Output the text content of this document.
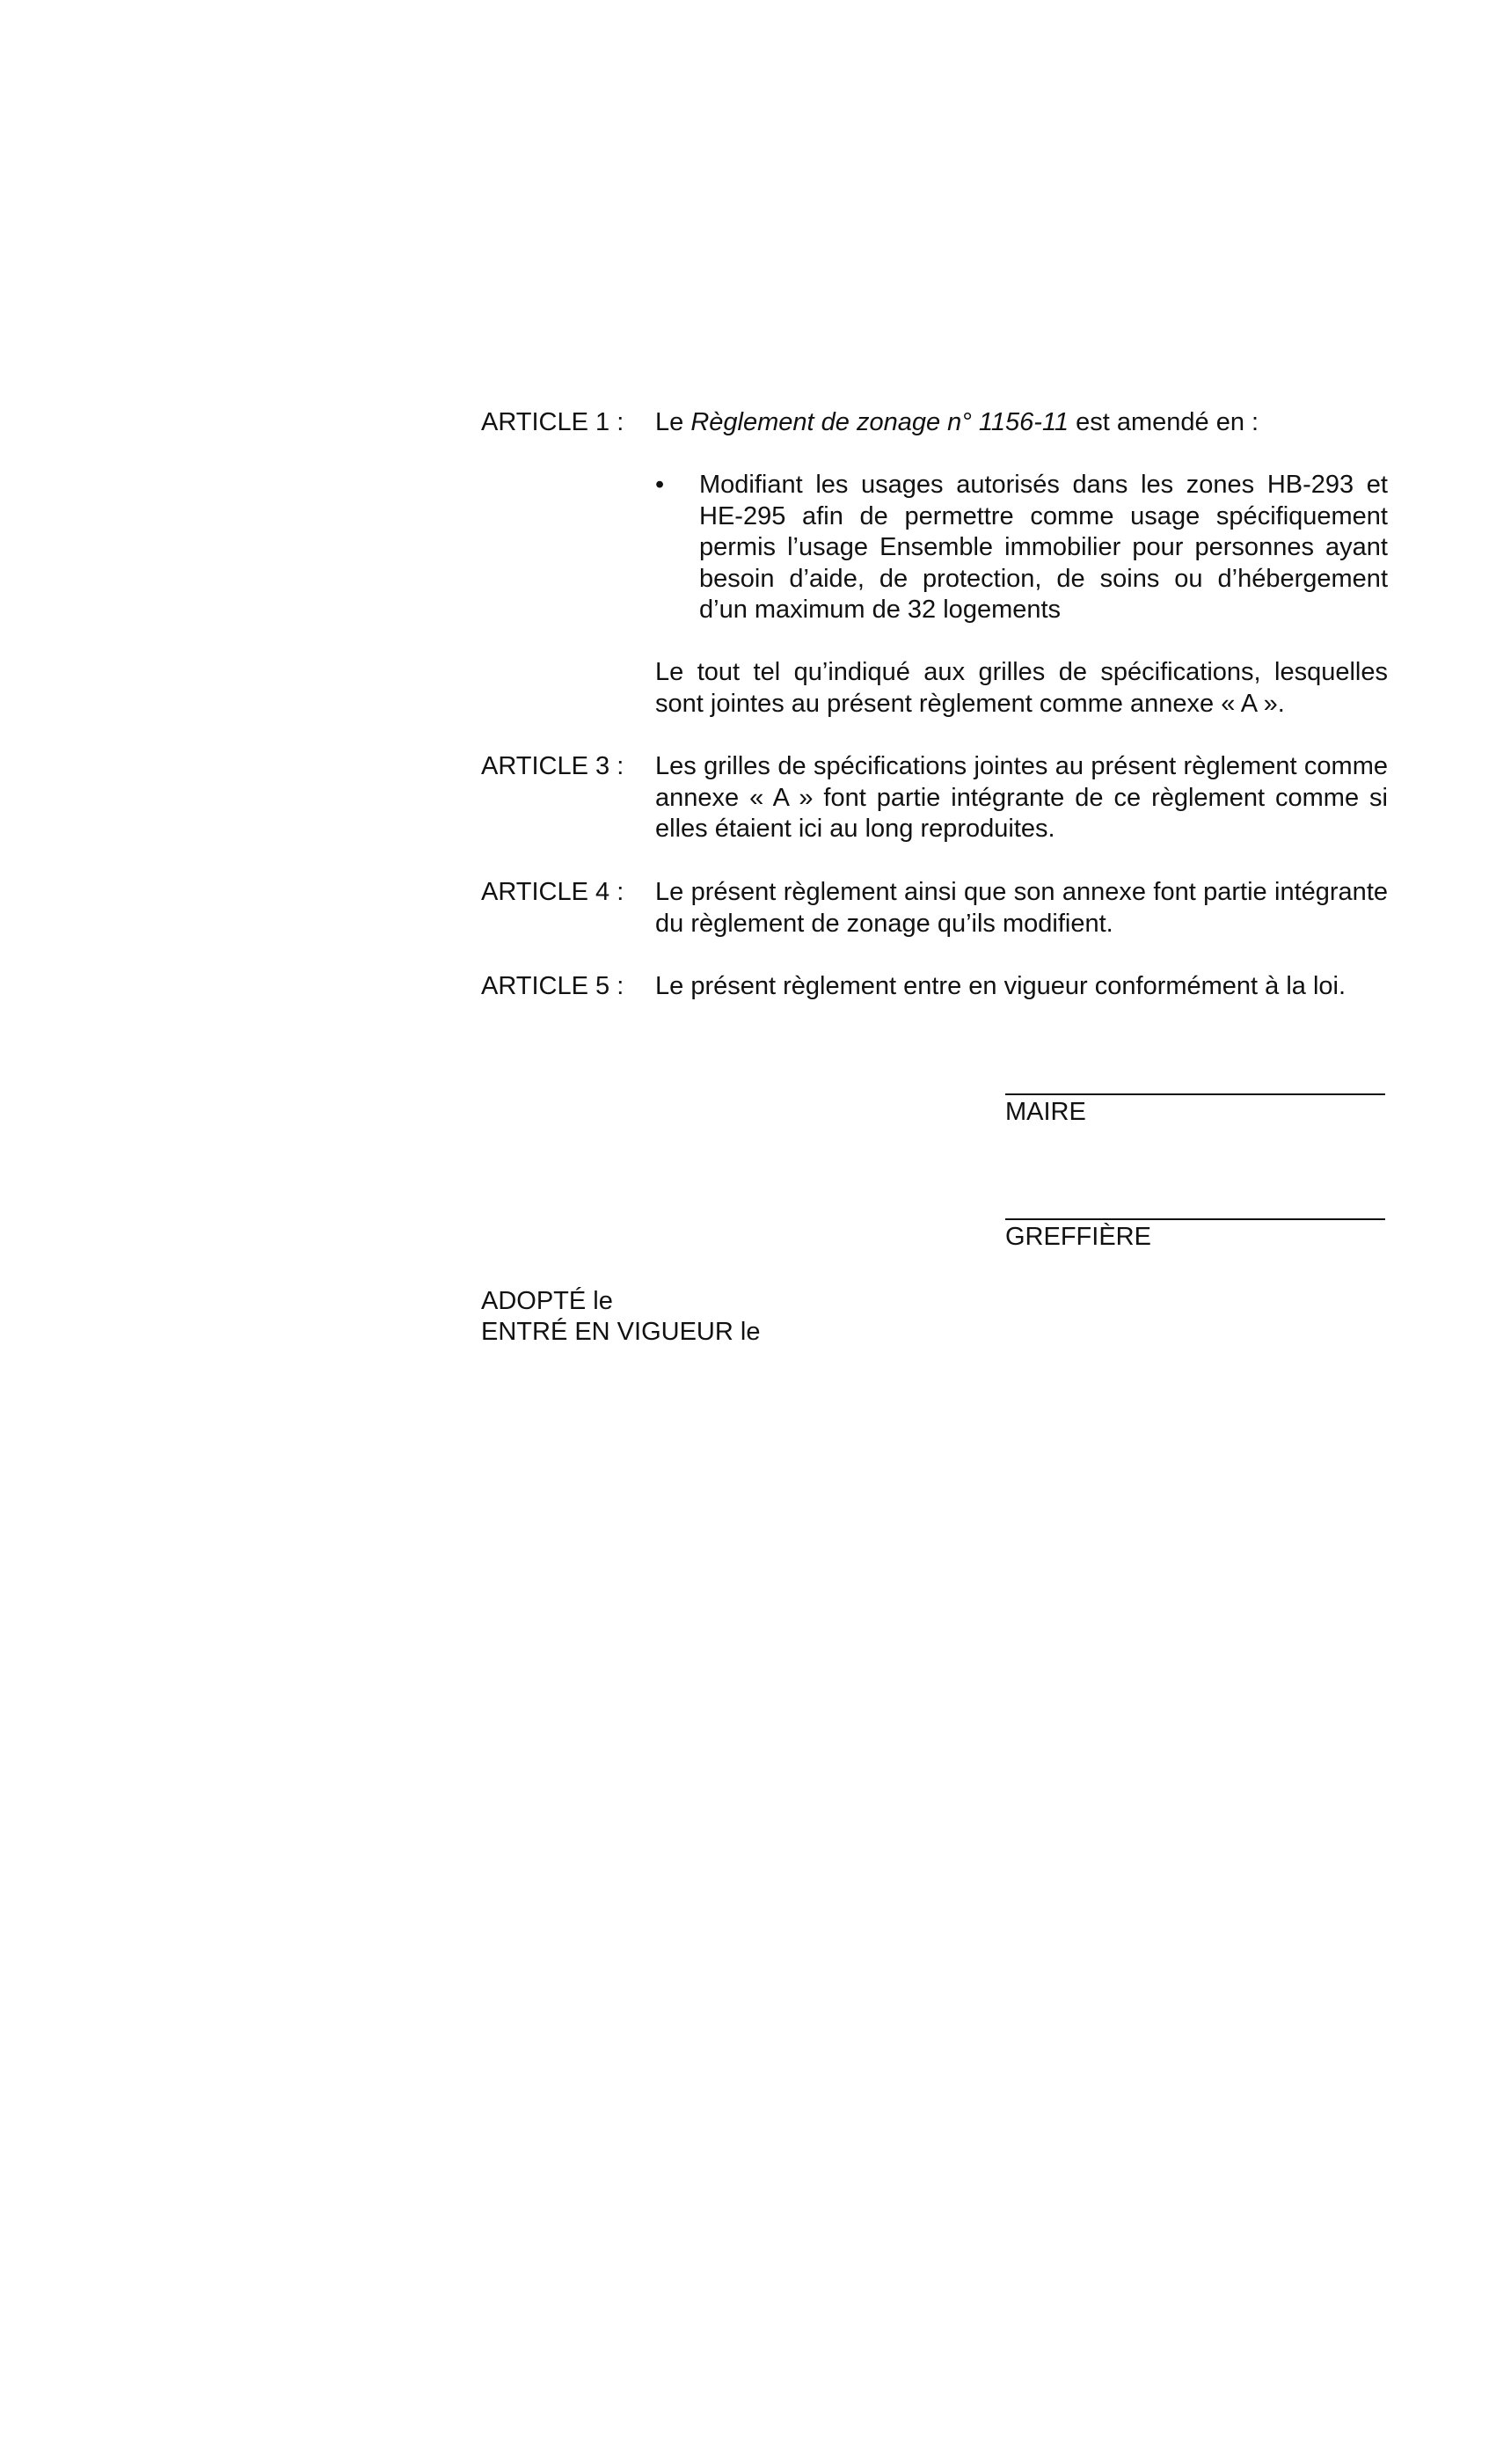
ARTICLE 1 : Le Règlement de zonage n° 1156-11 est amendé en :
• Modifiant les usages autorisés dans les zones HB-293 et HE-295 afin de permettre comme usage spécifiquement permis l’usage Ensemble immobilier pour personnes ayant besoin d’aide, de protection, de soins ou d’hébergement d’un maximum de 32 logements

Le tout tel qu’indiqué aux grilles de spécifications, lesquelles sont jointes au présent règlement comme annexe « A ».

ARTICLE 3 : Les grilles de spécifications jointes au présent règlement comme annexe « A » font partie intégrante de ce règlement comme si elles étaient ici au long reproduites.

ARTICLE 4 : Le présent règlement ainsi que son annexe font partie intégrante du règlement de zonage qu’ils modifient.

ARTICLE 5 : Le présent règlement entre en vigueur conformément à la loi.
MAIRE
GREFFIÈRE
ADOPTÉ le
ENTRÉ EN VIGUEUR le
